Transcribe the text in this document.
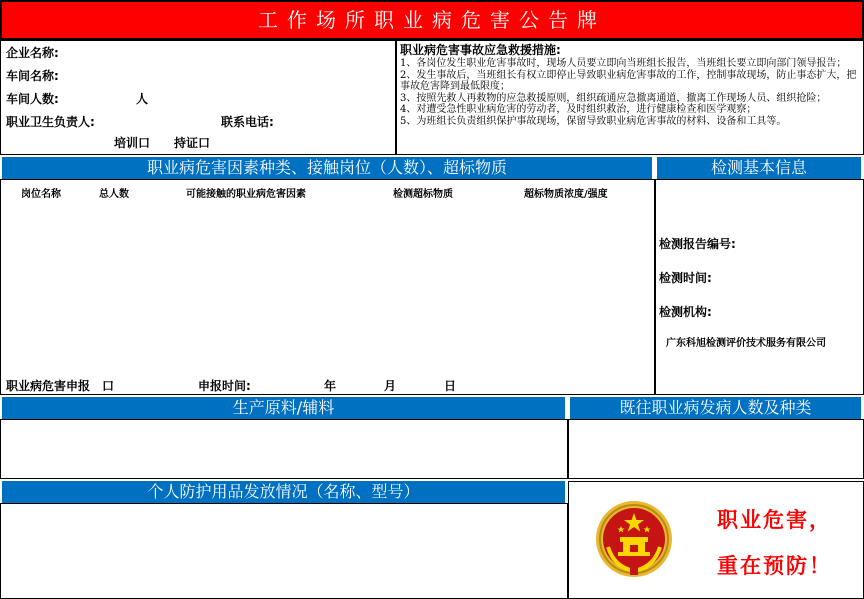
工作场所职业病危害公告牌
企业名称:
车间名称:
车间人数:	人
职业卫生负责人:	联系电话:
培训口 持证口
职业病危害事故应急救援措施:
1、各岗位发生职业危害事故时，现场人员要立即向当班组长报告，当班组长要立即向部门领导报告；
2、发生事故后，当班组长有权立即停止导致职业病危害事故的工作，控制事故现场，防止事态扩大，把事故危害降到最低限度；
3、按照先救人再救物的应急救援原则，组织疏通应急撤离通道，撤离工作现场人员、组织抢险；
4、对遭受急性职业病危害的劳动者，及时组织救治，进行健康检查和医学观察；
5、为班组长负责组织保护事故现场，保留导致职业病危害事故的材料、设备和工具等。
职业病危害因素种类、接触岗位（人数）、超标物质
岗位名称	总人数	可能接触的职业病危害因素	检测超标物质	超标物质浓度/强度
职业病危害申报　口	申报时间:	年	月	日
检测基本信息
检测报告编号:
检测时间:
检测机构:
广东科旭检测评价技术服务有限公司
生产原料/辅料	既往职业病发病人数及种类
个人防护用品发放情况（名称、型号）
职业危害，
重在预防！
